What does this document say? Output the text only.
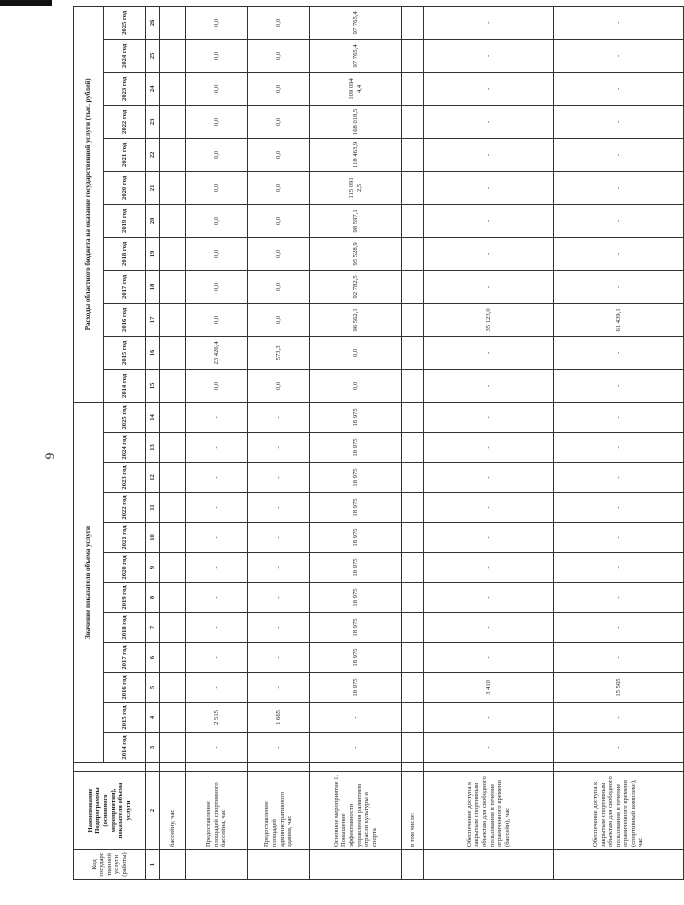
9
Код государственной услуги (работы)	Наименование Подпрограммы (основного мероприятия), показателя объема услуги		Значение показателя объема услуги												Расходы областного бюджета на оказание государственной услуги (тыс. рублей)											
			2014 год	2015 год	2016 год	2017 год	2018 год	2019 год	2020 год	2021 год	2022 год	2023 год	2024 год	2025 год	2014 год	2015 год	2016 год	2017 год	2018 год	2019 год	2020 год	2021 год	2022 год	2023 год	2024 год	2025 год
1	2		3	4	5	6	7	8	9	10	11	12	13	14	15	16	17	18	19	20	21	22	23	24	25	26
	бассейну, час																									
	Предоставление площадей спортивного бассейна, час		-	2 515	-	-	-	-	-	-	-	-	-	-	0,0	23 426,4	0,0	0,0	0,0	0,0	0,0	0,0	0,0	0,0	0,0	0,0
	Предоставление площадей административного здания, час		-	1 665	-	-	-	-	-	-	-	-	-	-	0,0	573,3	0,0	0,0	0,0	0,0	0,0	0,0	0,0	0,0	0,0	0,0
	Основное мероприятие 1. Повышение эффективности управления развитием отрасли культуры и спорта		-	-	18 975	18 975	18 975	18 975	18 975	18 975	18 975	18 975	18 975	18 975	0,0	0,0	96 562,1	92 782,5	95 528,9	98 597,1	115 091 2,5	118 463,9	168 018,5	109 094 4,4	97 765,4	97 765,4
	в том числе:																									
	Обеспечение доступа к закрытым спортивным объектам для свободного пользования в течение ограниченного времени (бассейн), час		-	-	3 410	-	-	-	-	-	-	-	-	-	-	-	35 123,0	-	-	-	-	-	-	-	-	-
	Обеспечение доступа к закрытым спортивным объектам для свободного пользования в течение ограниченного времени (спортивный комплекс), час		-	-	15 565	-	-	-	-	-	-	-	-	-	-	-	61 439,1	-	-	-	-	-	-	-	-	-
